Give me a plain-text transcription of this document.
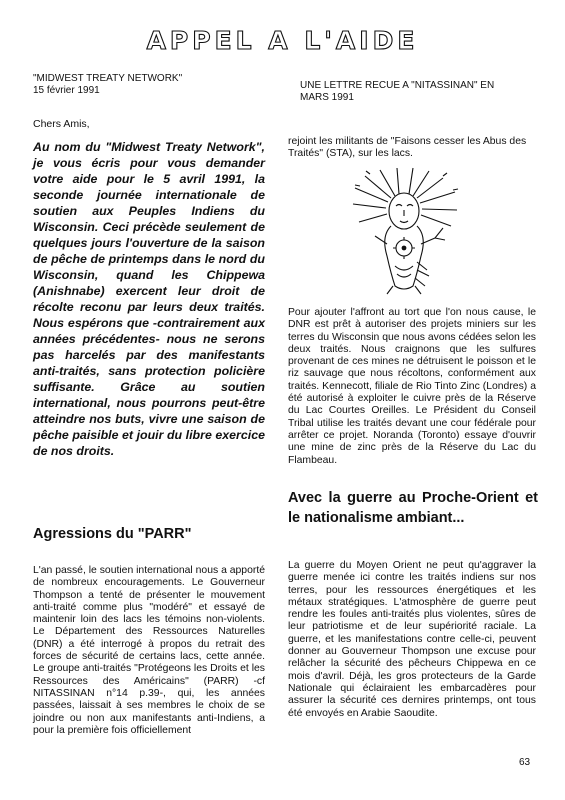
APPEL A L'AIDE
"MIDWEST TREATY NETWORK"
15 février 1991	UNE LETTRE RECUE A "NITASSINAN" EN
MARS 1991
Chers Amis,

Au nom du "Midwest Treaty Network", je vous écris pour vous demander votre aide pour le 5 avril 1991, la seconde journée internationale de soutien aux Peuples Indiens du Wisconsin. Ceci précède seulement de quelques jours l'ouverture de la saison de pêche de printemps dans le nord du Wisconsin, quand les Chippewa (Anishnabe) exercent leur droit de récolte reconu par leurs deux traités. Nous espérons que -contrairement aux années précédentes- nous ne serons pas harcelés par des manifestants anti-traités, sans protection policière suffisante. Grâce au soutien international, nous pourrons peut-être atteindre nos buts, vivre une saison de pêche paisible et jouir du libre exercice de nos droits.

Agressions du "PARR"

L'an passé, le soutien international nous a apporté de nombreux encouragements. Le Gouverneur Thompson a tenté de présenter le mouvement anti-traité comme plus "modéré" et essayé de maintenir loin des lacs les témoins non-violents. Le Département des Ressources Naturelles (DNR) a été interrogé à propos du retrait des forces de sécurité de certains lacs, cette année. Le groupe anti-traités "Protégeons les Droits et les Ressources des Américains" (PARR) -cf NITASSINAN n°14 p.39-, qui, les années passées, laissait à ses membres le choix de se joindre ou non aux manifestants anti-Indiens, a pour la première fois officiellement

rejoint les militants de "Faisons cesser les Abus des Traités" (STA), sur les lacs.

Pour ajouter l'affront au tort que l'on nous cause, le DNR est prêt à autoriser des projets miniers sur les terres du Wisconsin que nous avons cédées selon les deux traités. Nous craignons que les sulfures provenant de ces mines ne détruisent le poisson et le riz sauvage que nous récoltons, conformément aux traités. Kennecott, filiale de Rio Tinto Zinc (Londres) a été autorisé à exploiter le cuivre près de la Réserve du Lac Courtes Oreilles. Le Président du Conseil Tribal utilise les traités devant une cour fédérale pour arrêter ce projet. Noranda (Toronto) essaye d'ouvrir une mine de zinc près de la Réserve du Lac du Flambeau.

Avec la guerre au Proche-Orient et le nationalisme ambiant...

La guerre du Moyen Orient ne peut qu'aggraver la guerre menée ici contre les traités indiens sur nos terres, pour les ressources énergétiques et les métaux stratégiques. L'atmosphère de guerre peut rendre les foules anti-traités plus violentes, sûres de leur patriotisme et de leur supériorité raciale. La guerre, et les manifestations contre celle-ci, peuvent donner au Gouverneur Thompson une excuse pour relâcher la sécurité des pêcheurs Chippewa en ce mois d'avril. Déjà, les gros protecteurs de la Garde Nationale qui éclairaient les embarcadères pour assurer la sécurité ces dernires printemps, ont tous été envoyés en Arabie Saoudite.

63
